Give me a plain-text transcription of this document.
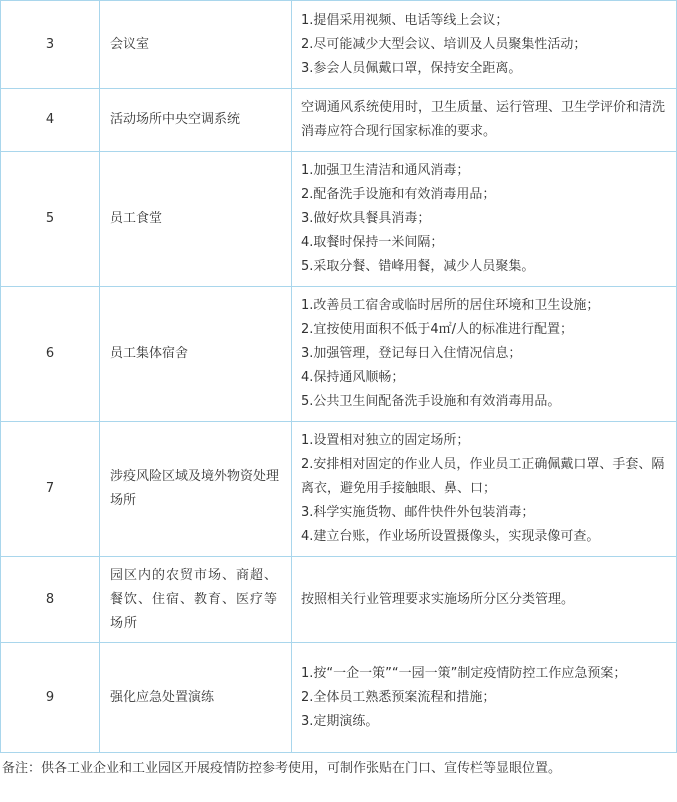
3	会议室	1.提倡采用视频、电话等线上会议；
2.尽可能减少大型会议、培训及人员聚集性活动；
3.参会人员佩戴口罩，保持安全距离。

4	活动场所中央空调系统	空调通风系统使用时，卫生质量、运行管理、卫生学评价和清洗消毒应符合现行国家标准的要求。

5	员工食堂	1.加强卫生清洁和通风消毒；
2.配备洗手设施和有效消毒用品；
3.做好炊具餐具消毒；
4.取餐时保持一米间隔；
5.采取分餐、错峰用餐，减少人员聚集。

6	员工集体宿舍	1.改善员工宿舍或临时居所的居住环境和卫生设施；
2.宜按使用面积不低于4㎡/人的标准进行配置；
3.加强管理，登记每日入住情况信息；
4.保持通风顺畅；
5.公共卫生间配备洗手设施和有效消毒用品。

7	涉疫风险区域及境外物资处理场所	1.设置相对独立的固定场所；
2.安排相对固定的作业人员，作业员工正确佩戴口罩、手套、隔离衣，避免用手接触眼、鼻、口；
3.科学实施货物、邮件快件外包装消毒；
4.建立台账，作业场所设置摄像头，实现录像可查。

8	园区内的农贸市场、商超、餐饮、住宿、教育、医疗等场所	按照相关行业管理要求实施场所分区分类管理。

9	强化应急处置演练	1.按“一企一策”“一园一策”制定疫情防控工作应急预案；
2.全体员工熟悉预案流程和措施；
3.定期演练。
备注：供各工业企业和工业园区开展疫情防控参考使用，可制作张贴在门口、宣传栏等显眼位置。
